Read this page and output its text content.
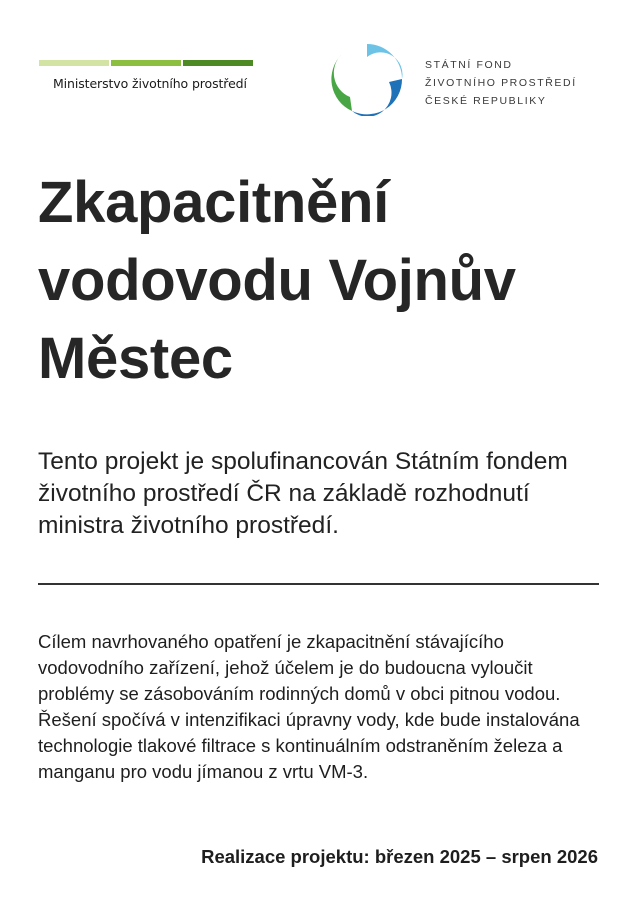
Ministerstvo životního prostředí
STÁTNÍ FOND
ŽIVOTNÍHO PROSTŘEDÍ
ČESKÉ REPUBLIKY
Zkapacitnění vodovodu Vojnův Městec

Tento projekt je spolufinancován Státním fondem životního prostředí ČR na základě rozhodnutí ministra životního prostředí.

Cílem navrhovaného opatření je zkapacitnění stávajícího vodovodního zařízení, jehož účelem je do budoucna vyloučit problémy se zásobováním rodinných domů v obci pitnou vodou. Řešení spočívá v intenzifikaci úpravny vody, kde bude instalována technologie tlakové filtrace s kontinuálním odstraněním železa a manganu pro vodu jímanou z vrtu VM-3.

Realizace projektu: březen 2025 – srpen 2026
